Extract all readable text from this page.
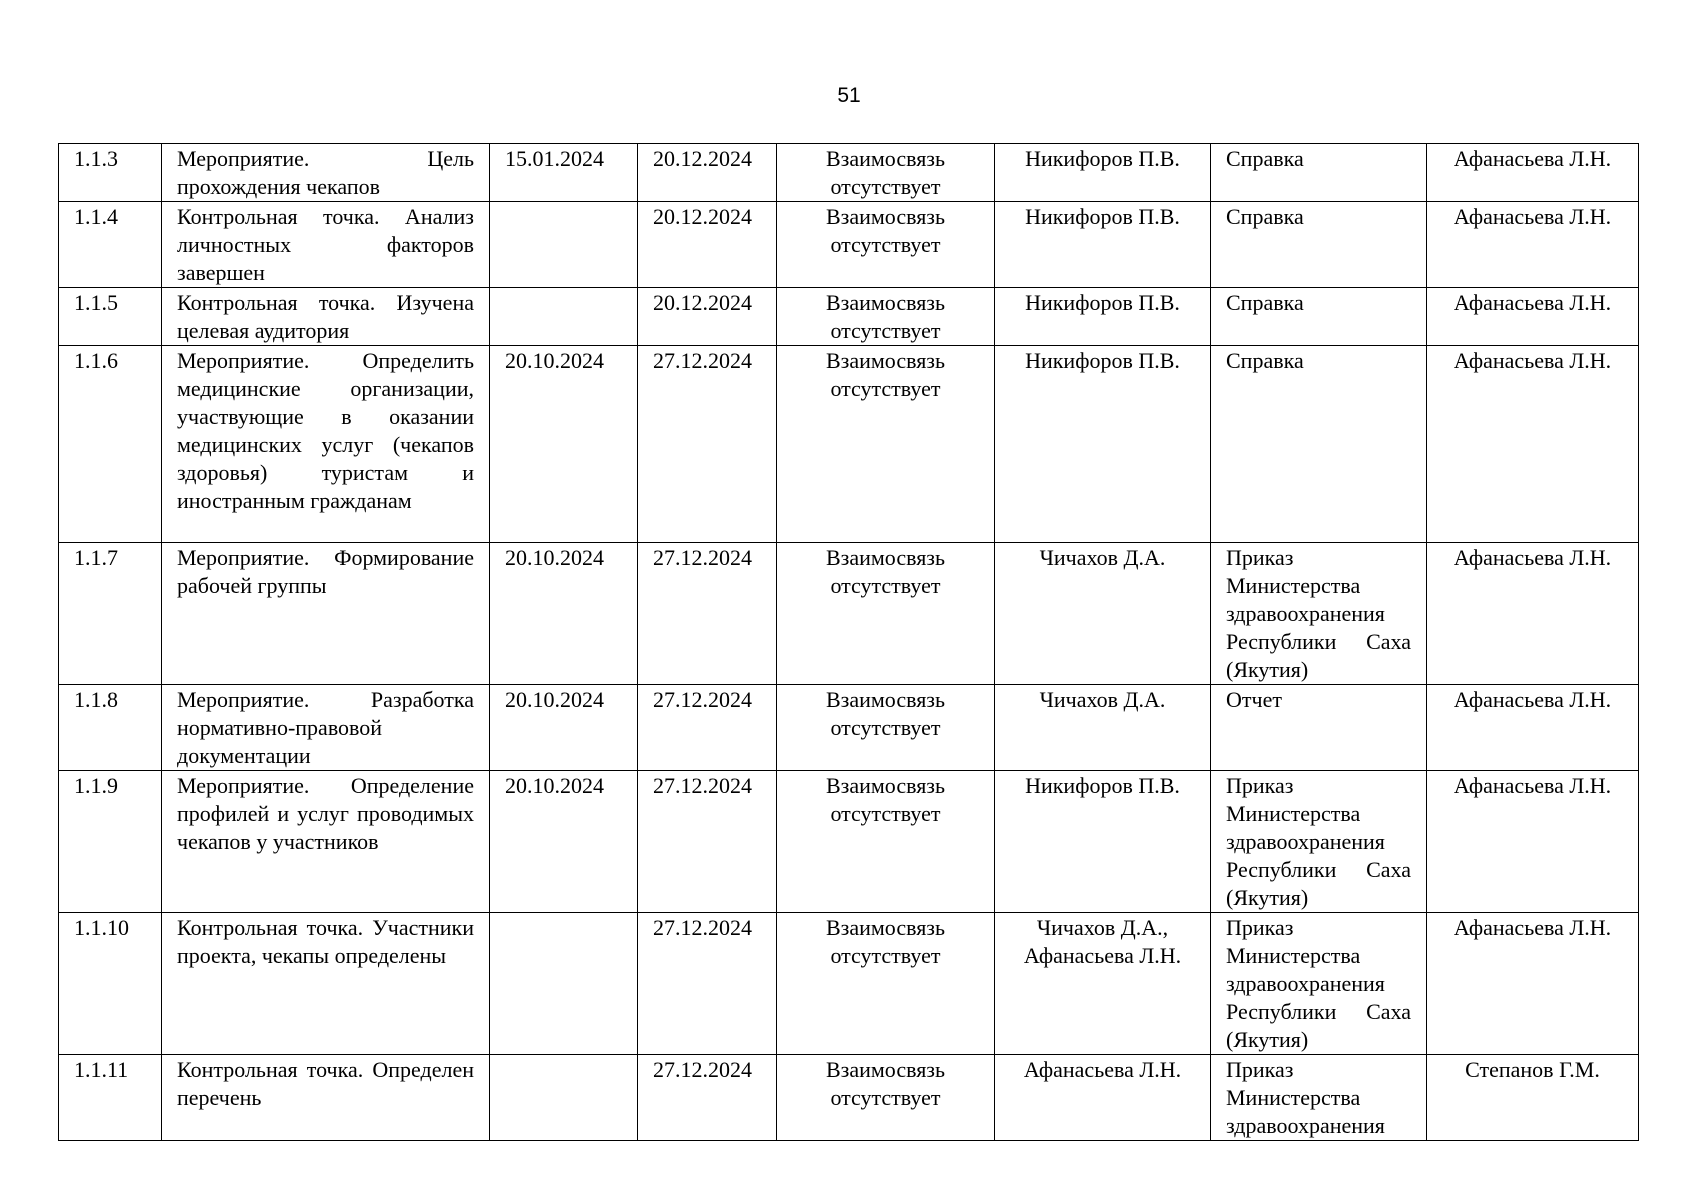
51
1.1.3	Мероприятие. Цель прохождения чекапов	15.01.2024	20.12.2024	Взаимосвязь отсутствует	Никифоров П.В.	Справка	Афанасьева Л.Н.
1.1.4	Контрольная точка. Анализ личностных факторов завершен		20.12.2024	Взаимосвязь отсутствует	Никифоров П.В.	Справка	Афанасьева Л.Н.
1.1.5	Контрольная точка. Изучена целевая аудитория		20.12.2024	Взаимосвязь отсутствует	Никифоров П.В.	Справка	Афанасьева Л.Н.
1.1.6	Мероприятие. Определить медицинские организации, участвующие в оказании медицинских услуг (чекапов здоровья) туристам и иностранным гражданам	20.10.2024	27.12.2024	Взаимосвязь отсутствует	Никифоров П.В.	Справка	Афанасьева Л.Н.
1.1.7	Мероприятие. Формирование рабочей группы	20.10.2024	27.12.2024	Взаимосвязь отсутствует	Чичахов Д.А.	Приказ Министерства здравоохранения Республики Саха (Якутия)	Афанасьева Л.Н.
1.1.8	Мероприятие. Разработка нормативно-правовой документации	20.10.2024	27.12.2024	Взаимосвязь отсутствует	Чичахов Д.А.	Отчет	Афанасьева Л.Н.
1.1.9	Мероприятие. Определение профилей и услуг проводимых чекапов у участников	20.10.2024	27.12.2024	Взаимосвязь отсутствует	Никифоров П.В.	Приказ Министерства здравоохранения Республики Саха (Якутия)	Афанасьева Л.Н.
1.1.10	Контрольная точка. Участники проекта, чекапы определены		27.12.2024	Взаимосвязь отсутствует	Чичахов Д.А., Афанасьева Л.Н.	Приказ Министерства здравоохранения Республики Саха (Якутия)	Афанасьева Л.Н.
1.1.11	Контрольная точка. Определен перечень		27.12.2024	Взаимосвязь отсутствует	Афанасьева Л.Н.	Приказ Министерства здравоохранения	Степанов Г.М.
